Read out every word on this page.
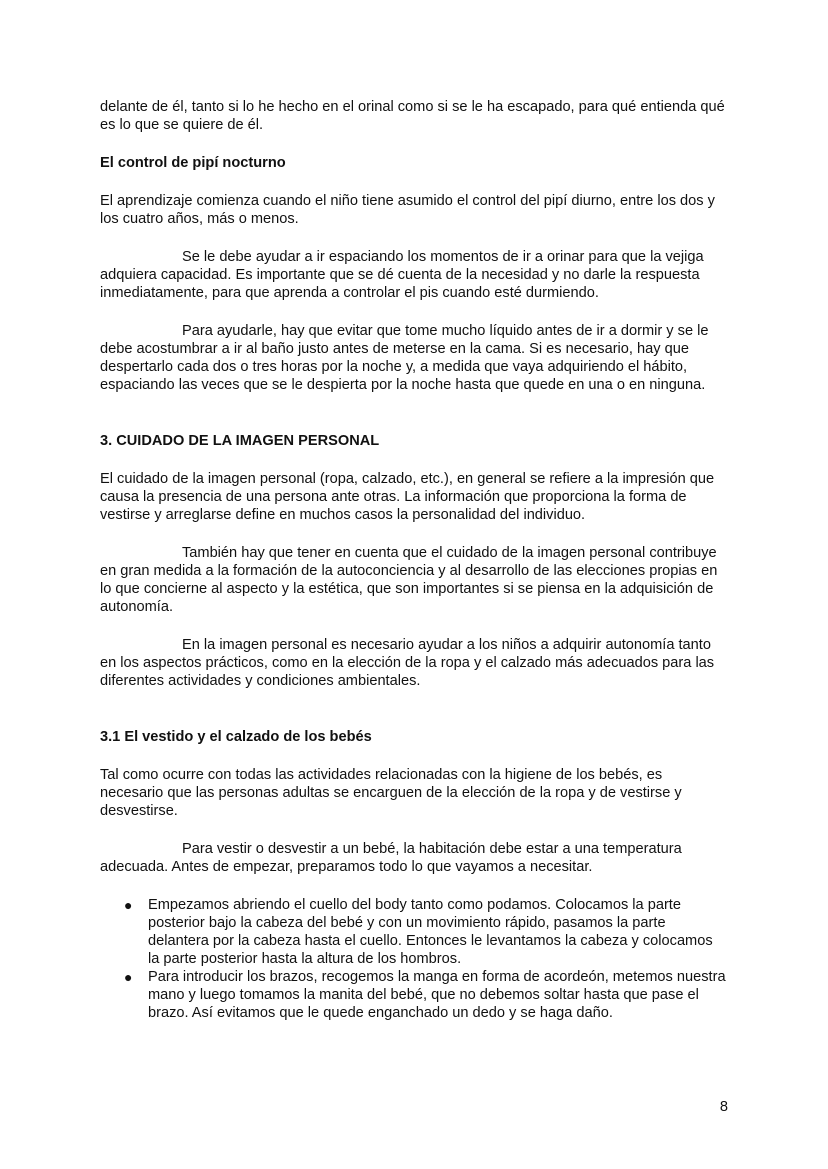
delante de él, tanto si lo he hecho en el orinal como si se le ha escapado, para qué entienda qué es lo que se quiere de él.

El control de pipí nocturno

El aprendizaje comienza cuando el niño tiene asumido el control del pipí diurno, entre los dos y los cuatro años, más o menos.

Se le debe ayudar a ir espaciando los momentos de ir a orinar para que la vejiga adquiera capacidad. Es importante que se dé cuenta de la necesidad y no darle la respuesta inmediatamente, para que aprenda a controlar el pis cuando esté durmiendo.

Para ayudarle, hay que evitar que tome mucho líquido antes de ir a dormir y se le debe acostumbrar a ir al baño justo antes de meterse en la cama. Si es necesario, hay que despertarlo cada dos o tres horas por la noche y, a medida que vaya adquiriendo el hábito, espaciando las veces que se le despierta por la noche hasta que quede en una o en ninguna.

3. CUIDADO DE LA IMAGEN PERSONAL

El cuidado de la imagen personal (ropa, calzado, etc.), en general se refiere a la impresión que causa la presencia de una persona ante otras. La información que proporciona la forma de vestirse y arreglarse define en muchos casos la personalidad del individuo.

También hay que tener en cuenta que el cuidado de la imagen personal contribuye en gran medida a la formación de la autoconciencia y al desarrollo de las elecciones propias en lo que concierne al aspecto y la estética, que son importantes si se piensa en la adquisición de autonomía.

En la imagen personal es necesario ayudar a los niños a adquirir autonomía tanto en los aspectos prácticos, como en la elección de la ropa y el calzado más adecuados para las diferentes actividades y condiciones ambientales.

3.1 El vestido y el calzado de los bebés

Tal como ocurre con todas las actividades relacionadas con la higiene de los bebés, es necesario que las personas adultas se encarguen de la elección de la ropa y de vestirse y desvestirse.

Para vestir o desvestir a un bebé, la habitación debe estar a una temperatura adecuada. Antes de empezar, preparamos todo lo que vayamos a necesitar.

● Empezamos abriendo el cuello del body tanto como podamos. Colocamos la parte posterior bajo la cabeza del bebé y con un movimiento rápido, pasamos la parte delantera por la cabeza hasta el cuello. Entonces le levantamos la cabeza y colocamos la parte posterior hasta la altura de los hombros.
● Para introducir los brazos, recogemos la manga en forma de acordeón, metemos nuestra mano y luego tomamos la manita del bebé, que no debemos soltar hasta que pase el brazo. Así evitamos que le quede enganchado un dedo y se haga daño.
8
